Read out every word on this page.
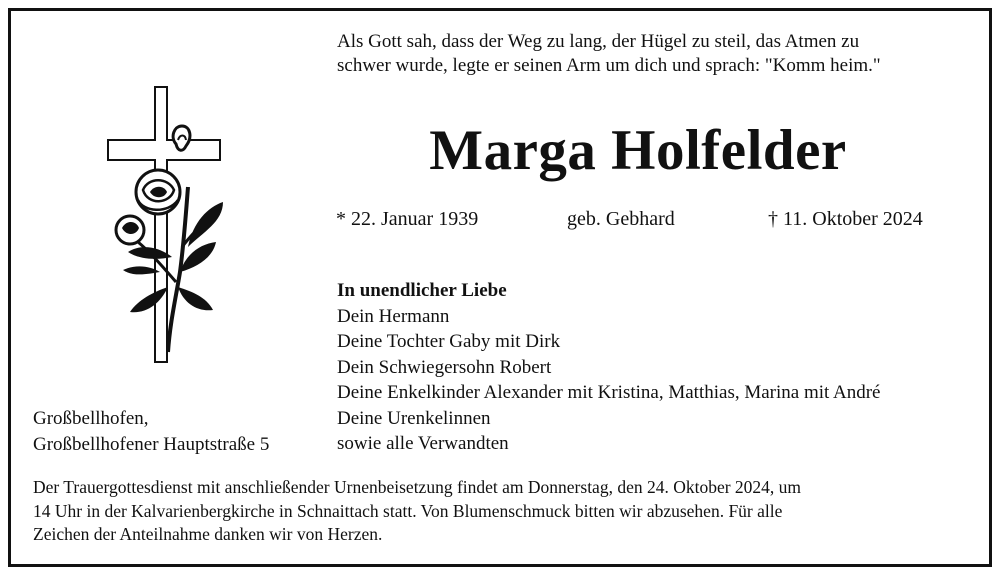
Als Gott sah, dass der Weg zu lang, der Hügel zu steil, das Atmen zu
schwer wurde, legte er seinen Arm um dich und sprach: "Komm heim."

Marga Holfelder
* 22. Januar 1939	geb. Gebhard	† 11. Oktober 2024
In unendlicher Liebe
Dein Hermann
Deine Tochter Gaby mit Dirk
Dein Schwiegersohn Robert
Deine Enkelkinder Alexander mit Kristina, Matthias, Marina mit André
Deine Urenkelinnen
sowie alle Verwandten
Großbellhofen,
Großbellhofener Hauptstraße 5

Der Trauergottesdienst mit anschließender Urnenbeisetzung findet am Donnerstag, den 24. Oktober 2024, um
14 Uhr in der Kalvarienbergkirche in Schnaittach statt. Von Blumenschmuck bitten wir abzusehen. Für alle
Zeichen der Anteilnahme danken wir von Herzen.
